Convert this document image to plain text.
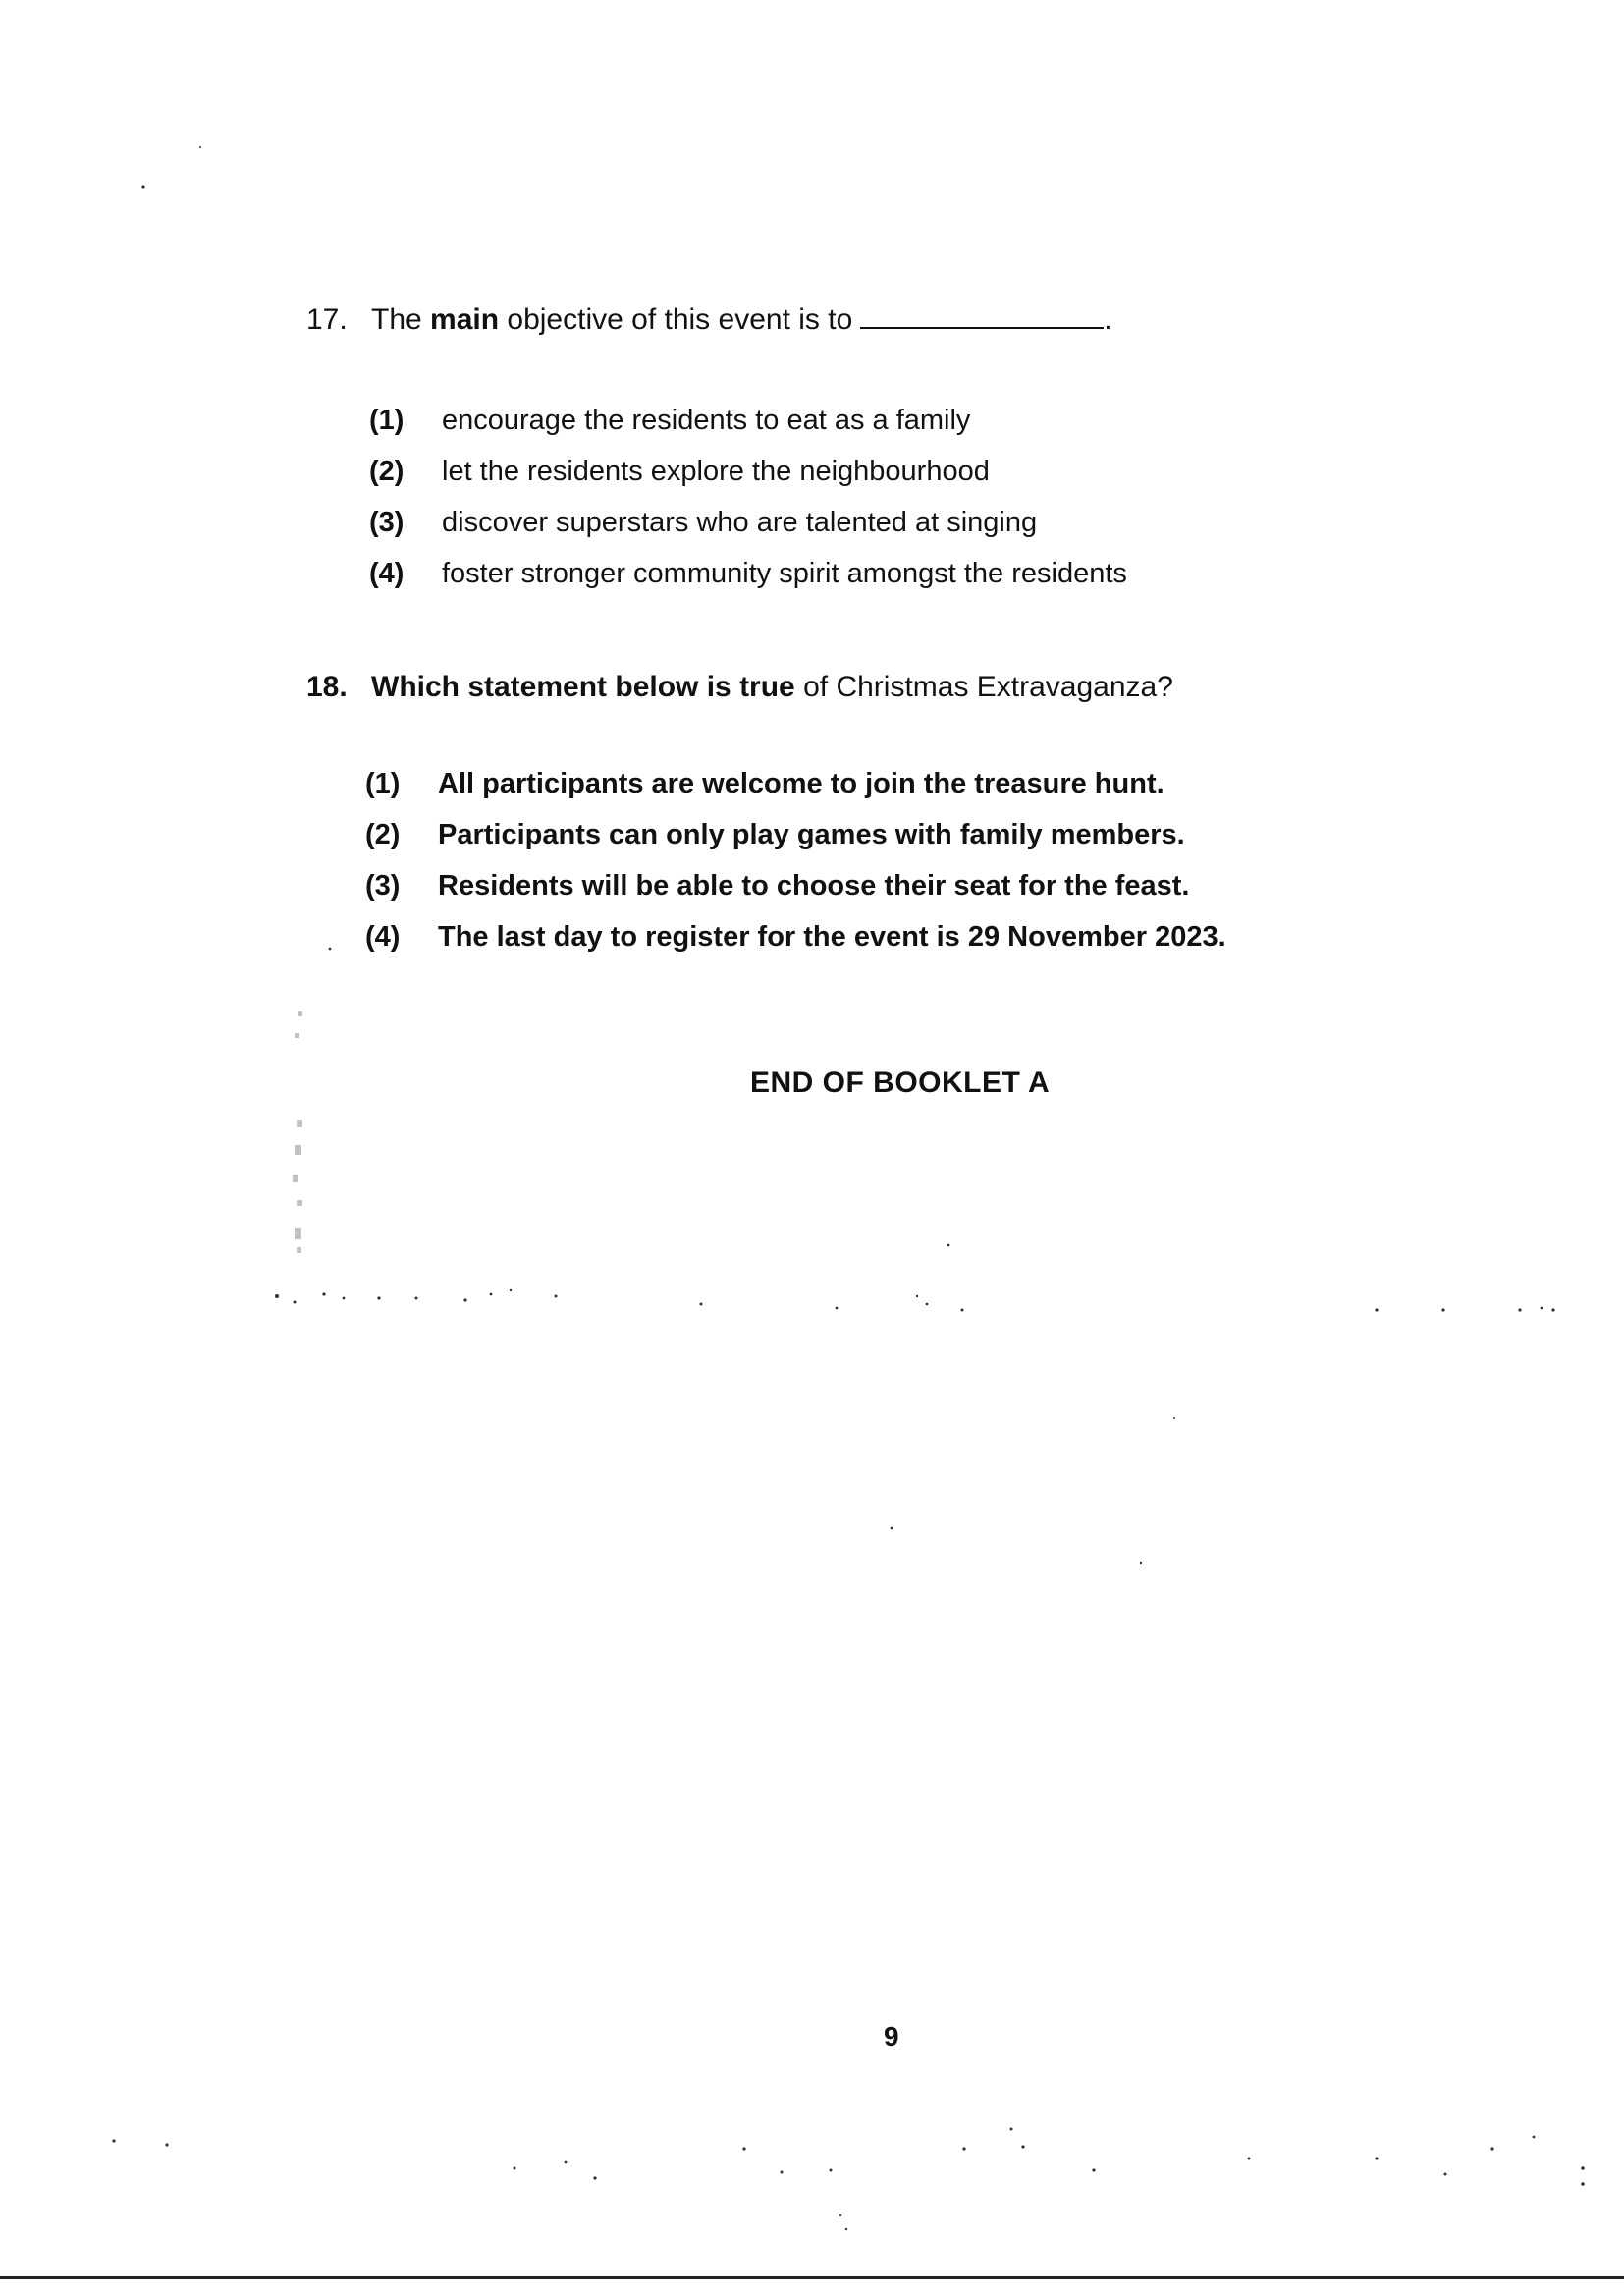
17. The main objective of this event is to	.
(1) encourage the residents to eat as a family
(2) let the residents explore the neighbourhood
(3) discover superstars who are talented at singing
(4) foster stronger community spirit amongst the residents
18. Which statement below is true of Christmas Extravaganza?
(1) All participants are welcome to join the treasure hunt.
(2) Participants can only play games with family members.
(3) Residents will be able to choose their seat for the feast.
(4) The last day to register for the event is 29 November 2023.
END OF BOOKLET A
9
